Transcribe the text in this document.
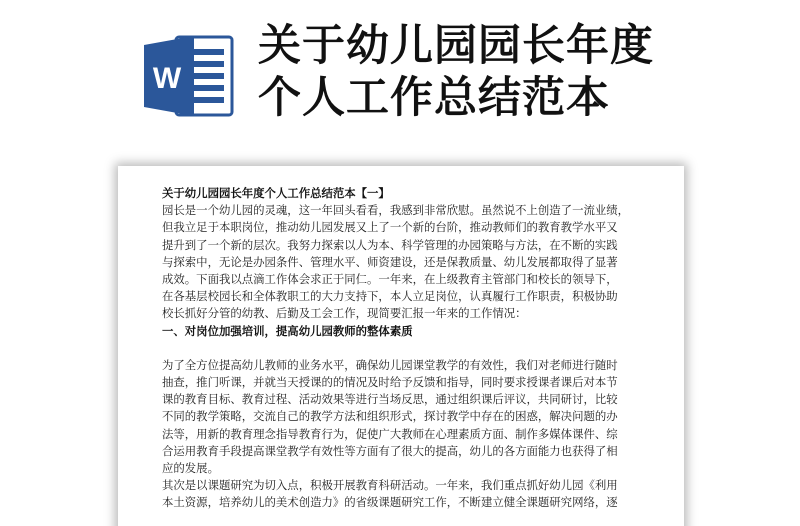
W
关于幼儿园园长年度
个人工作总结范本
关于幼儿园园长年度个人工作总结范本【一】
园长是一个幼儿园的灵魂，这一年回头看看，我感到非常欣慰。虽然说不上创造了一流业绩，
但我立足于本职岗位，推动幼儿园发展又上了一个新的台阶，推动教师们的教育教学水平又
提升到了一个新的层次。我努力探索以人为本、科学管理的办园策略与方法，在不断的实践
与探索中，无论是办园条件、管理水平、师资建设，还是保教质量、幼儿发展都取得了显著
成效。下面我以点滴工作体会求正于同仁。一年来，在上级教育主管部门和校长的领导下，
在各基层校园长和全体教职工的大力支持下，本人立足岗位，认真履行工作职责，积极协助
校长抓好分管的幼教、后勤及工会工作，现简要汇报一年来的工作情况：
一、对岗位加强培训，提高幼儿园教师的整体素质
为了全方位提高幼儿教师的业务水平，确保幼儿园课堂教学的有效性，我们对老师进行随时
抽查，推门听课，并就当天授课的的情况及时给予反馈和指导，同时要求授课者课后对本节
课的教育目标、教育过程、活动效果等进行当场反思，通过组织课后评议，共同研讨，比较
不同的教学策略，交流自己的教学方法和组织形式，探讨教学中存在的困惑，解决问题的办
法等，用新的教育理念指导教育行为，促使广大教师在心理素质方面、制作多媒体课件、综
合运用教育手段提高课堂教学有效性等方面有了很大的提高，幼儿的各方面能力也获得了相
应的发展。
其次是以课题研究为切入点，积极开展教育科研活动。一年来，我们重点抓好幼儿园《利用
本土资源，培养幼儿的美术创造力》的省级课题研究工作，不断建立健全课题研究网络，逐
